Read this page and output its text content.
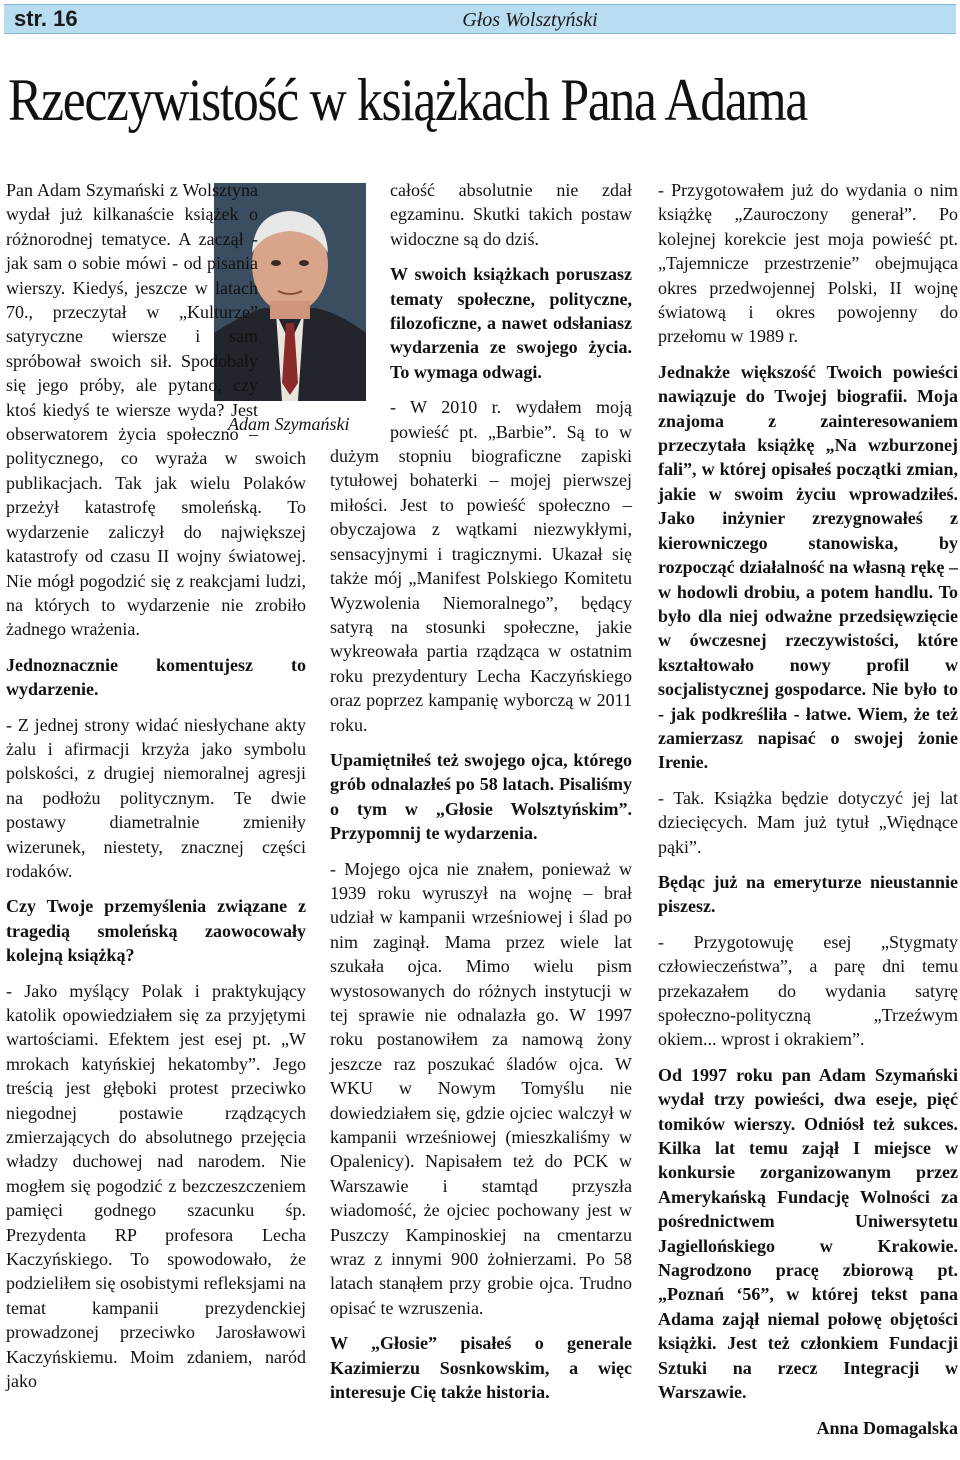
str. 16	Głos Wolsztyński
Rzeczywistość w książkach Pana Adama
Adam Szymański

Pan Adam Szymański z Wolsztyna wydał już kilkanaście książek o różnorodnej tematyce. A zaczął - jak sam o sobie mówi - od pisania wierszy. Kiedyś, jeszcze w latach 70., przeczytał w „Kulturze” satyryczne wiersze i sam spróbował swoich sił. Spodobały się jego próby, ale pytano, czy ktoś kiedyś te wiersze wyda? Jest obserwatorem życia społeczno – politycznego, co wyraża w swoich publikacjach. Tak jak wielu Polaków przeżył katastrofę smoleńską. To wydarzenie zaliczył do największej katastrofy od czasu II wojny światowej. Nie mógł pogodzić się z reakcjami ludzi, na których to wydarzenie nie zrobiło żadnego wrażenia.

Jednoznacznie komentujesz to wydarzenie.

- Z jednej strony widać niesłychane akty żalu i afirmacji krzyża jako symbolu polskości, z drugiej niemoralnej agresji na podłożu politycznym. Te dwie postawy diametralnie zmieniły wizerunek, niestety, znacznej części rodaków.

Czy Twoje przemyślenia związane z tragedią smoleńską zaowocowały kolejną książką?

- Jako myślący Polak i praktykujący katolik opowiedziałem się za przyjętymi wartościami. Efektem jest esej pt. „W mrokach katyńskiej hekatomby”. Jego treścią jest głęboki protest przeciwko niegodnej postawie rządzących zmierzających do absolutnego przejęcia władzy duchowej nad narodem. Nie mogłem się pogodzić z bezczeszczeniem pamięci godnego szacunku śp. Prezydenta RP profesora Lecha Kaczyńskiego. To spowodowało, że podzieliłem się osobistymi refleksjami na temat kampanii prezydenckiej prowadzonej przeciwko Jarosławowi Kaczyńskiemu. Moim zdaniem, naród jako

całość absolutnie nie zdał egzaminu. Skutki takich postaw widoczne są do dziś.

W swoich książkach poruszasz tematy społeczne, polityczne, filozoficzne, a nawet odsłaniasz wydarzenia ze swojego życia. To wymaga odwagi.

- W 2010 r. wydałem moją powieść pt. „Barbie”. Są to w dużym stopniu biograficzne zapiski tytułowej bohaterki – mojej pierwszej miłości. Jest to powieść społeczno – obyczajowa z wątkami niezwykłymi, sensacyjnymi i tragicznymi. Ukazał się także mój „Manifest Polskiego Komitetu Wyzwolenia Niemoralnego”, będący satyrą na stosunki społeczne, jakie wykreowała partia rządząca w ostatnim roku prezydentury Lecha Kaczyńskiego oraz poprzez kampanię wyborczą w 2011 roku.

Upamiętniłeś też swojego ojca, którego grób odnalazłeś po 58 latach. Pisaliśmy o tym w „Głosie Wolsztyńskim”. Przypomnij te wydarzenia.

- Mojego ojca nie znałem, ponieważ w 1939 roku wyruszył na wojnę – brał udział w kampanii wrześniowej i ślad po nim zaginął. Mama przez wiele lat szukała ojca. Mimo wielu pism wystosowanych do różnych instytucji w tej sprawie nie odnalazła go. W 1997 roku postanowiłem za namową żony jeszcze raz poszukać śladów ojca. W WKU w Nowym Tomyślu nie dowiedziałem się, gdzie ojciec walczył w kampanii wrześniowej (mieszkaliśmy w Opalenicy). Napisałem też do PCK w Warszawie i stamtąd przyszła wiadomość, że ojciec pochowany jest w Puszczy Kampinoskiej na cmentarzu wraz z innymi 900 żołnierzami. Po 58 latach stanąłem przy grobie ojca. Trudno opisać te wzruszenia.

W „Głosie” pisałeś o generale Kazimierzu Sosnkowskim, a więc interesuje Cię także historia.

- Przygotowałem już do wydania o nim książkę „Zauroczony generał”. Po kolejnej korekcie jest moja powieść pt. „Tajemnicze przestrzenie” obejmująca okres przedwojennej Polski, II wojnę światową i okres powojenny do przełomu w 1989 r.

Jednakże większość Twoich powieści nawiązuje do Twojej biografii. Moja znajoma z zainteresowaniem przeczytała książkę „Na wzburzonej fali”, w której opisałeś początki zmian, jakie w swoim życiu wprowadziłeś. Jako inżynier zrezygnowałeś z kierowniczego stanowiska, by rozpocząć działalność na własną rękę – w hodowli drobiu, a potem handlu. To było dla niej odważne przedsięwzięcie w ówczesnej rzeczywistości, które kształtowało nowy profil w socjalistycznej gospodarce. Nie było to - jak podkreśliła - łatwe. Wiem, że też zamierzasz napisać o swojej żonie Irenie.

- Tak. Książka będzie dotyczyć jej lat dziecięcych. Mam już tytuł „Więdnące pąki”.

Będąc już na emeryturze nieustannie piszesz.

- Przygotowuję esej „Stygmaty człowieczeństwa”, a parę dni temu przekazałem do wydania satyrę społeczno-polityczną „Trzeźwym okiem... wprost i okrakiem”.

Od 1997 roku pan Adam Szymański wydał trzy powieści, dwa eseje, pięć tomików wierszy. Odniósł też sukces. Kilka lat temu zajął I miejsce w konkursie zorganizowanym przez Amerykańską Fundację Wolności za pośrednictwem Uniwersytetu Jagiellońskiego w Krakowie. Nagrodzono pracę zbiorową pt. „Poznań ‘56”, w której tekst pana Adama zajął niemal połowę objętości książki. Jest też członkiem Fundacji Sztuki na rzecz Integracji w Warszawie.

Anna Domagalska
